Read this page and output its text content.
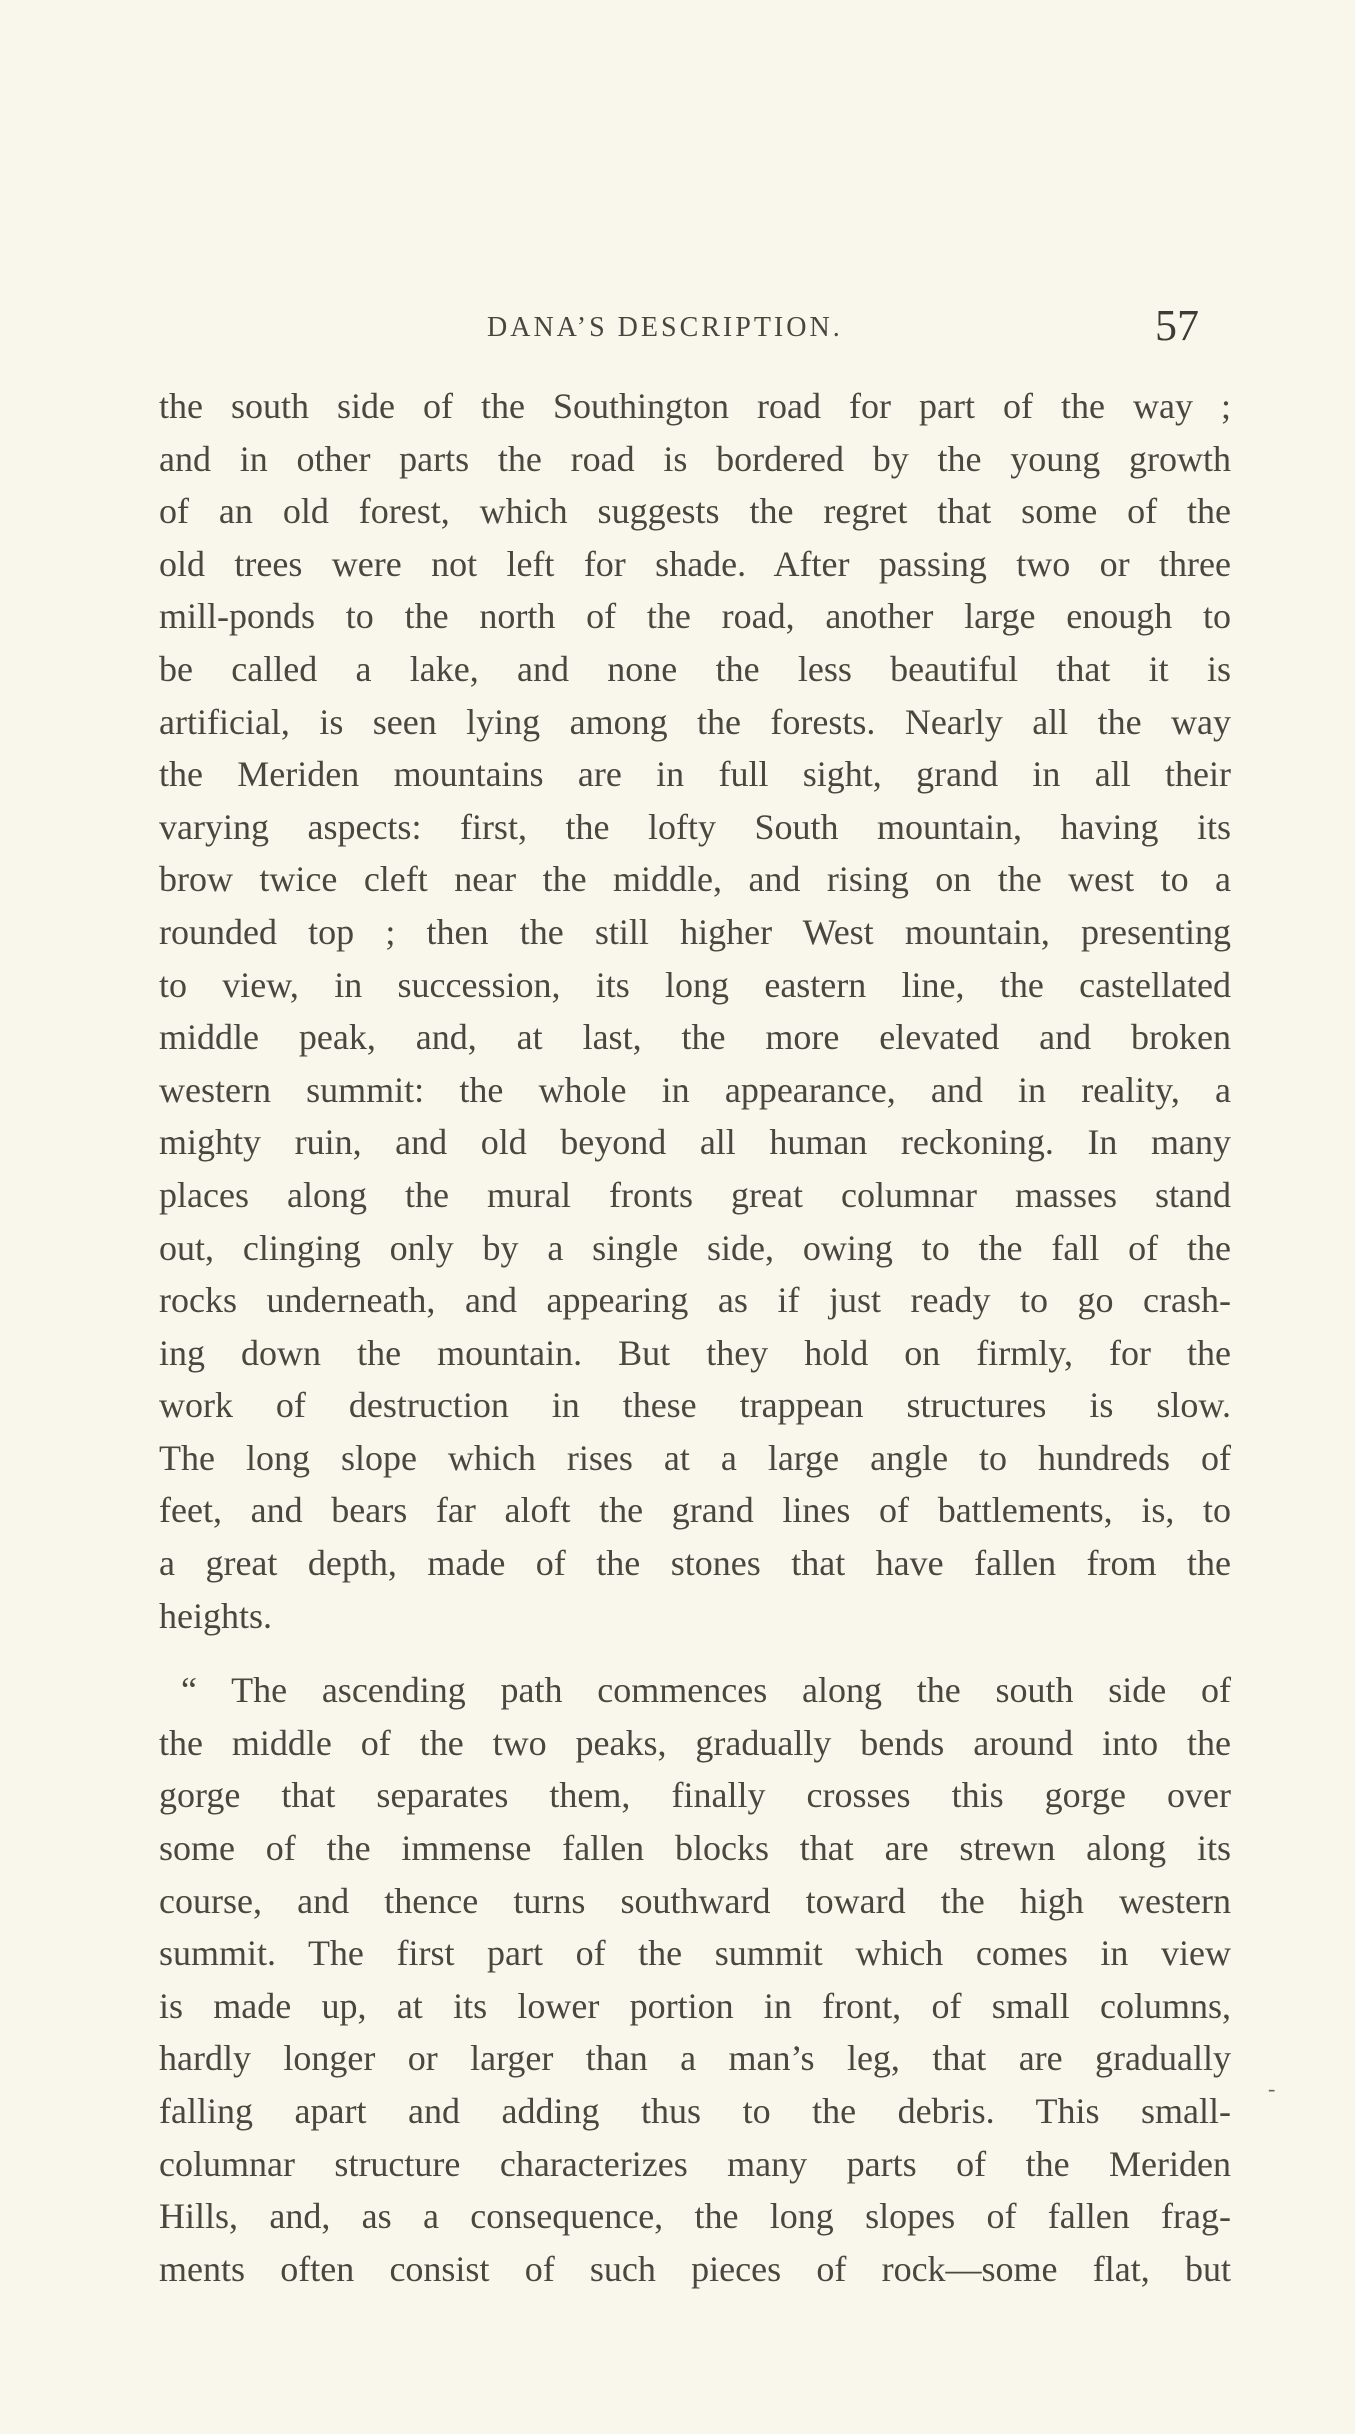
DANA’S DESCRIPTION.	57
the south side of the Southington road for part of the way ;
and in other parts the road is bordered by the young growth
of an old forest, which suggests the regret that some of the
old trees were not left for shade. After passing two or three
mill-ponds to the north of the road, another large enough to
be called a lake, and none the less beautiful that it is
artificial, is seen lying among the forests. Nearly all the way
the Meriden mountains are in full sight, grand in all their
varying aspects: first, the lofty South mountain, having its
brow twice cleft near the middle, and rising on the west to a
rounded top ; then the still higher West mountain, presenting
to view, in succession, its long eastern line, the castellated
middle peak, and, at last, the more elevated and broken
western summit: the whole in appearance, and in reality, a
mighty ruin, and old beyond all human reckoning. In many
places along the mural fronts great columnar masses stand
out, clinging only by a single side, owing to the fall of the
rocks underneath, and appearing as if just ready to go crash-
ing down the mountain. But they hold on firmly, for the
work of destruction in these trappean structures is slow.
The long slope which rises at a large angle to hundreds of
feet, and bears far aloft the grand lines of battlements, is, to
a great depth, made of the stones that have fallen from the
heights.
“ The ascending path commences along the south side of
the middle of the two peaks, gradually bends around into the
gorge that separates them, finally crosses this gorge over
some of the immense fallen blocks that are strewn along its
course, and thence turns southward toward the high western
summit. The first part of the summit which comes in view
is made up, at its lower portion in front, of small columns,
hardly longer or larger than a man’s leg, that are gradually
falling apart and adding thus to the debris. This small-
columnar structure characterizes many parts of the Meriden
Hills, and, as a consequence, the long slopes of fallen frag-
ments often consist of such pieces of rock—some flat, but
-
